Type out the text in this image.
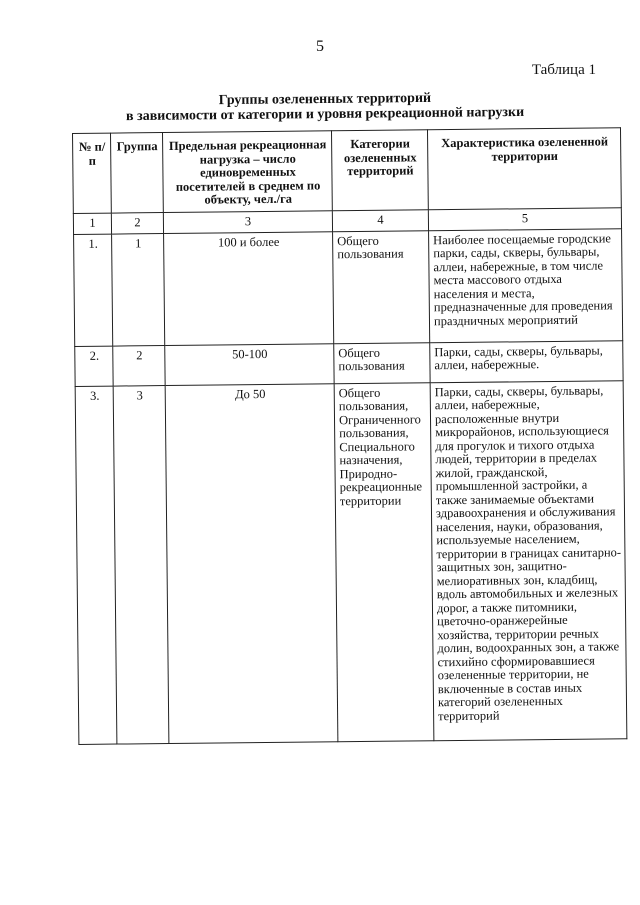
5
Таблица 1
Группы озелененных территорий
в зависимости от категории и уровня рекреационной нагрузки
№ п/п	Группа	Предельная рекреационная нагрузка – число единовременных посетителей в среднем по объекту, чел./га	Категории озелененных территорий	Характеристика озелененной территории
1	2	3	4	5
1.	1	100 и более	Общего пользования	Наиболее посещаемые городские парки, сады, скверы, бульвары, аллеи, набережные, в том числе места массового отдыха населения и места, предназначенные для проведения праздничных мероприятий
2.	2	50-100	Общего пользования	Парки, сады, скверы, бульвары, аллеи, набережные.
3.	3	До 50	Общего пользования, Ограниченного пользования, Специального назначения, Природно-рекреационные территории	Парки, сады, скверы, бульвары, аллеи, набережные, расположенные внутри микрорайонов, использующиеся для прогулок и тихого отдыха людей, территории в пределах жилой, гражданской, промышленной застройки, а также занимаемые объектами здравоохранения и обслуживания населения, науки, образования, используемые населением, территории в границах санитарно-защитных зон, защитно-мелиоративных зон, кладбищ, вдоль автомобильных и железных дорог, а также питомники, цветочно-оранжерейные хозяйства, территории речных долин, водоохранных зон, а также стихийно сформировавшиеся озелененные территории, не включенные в состав иных категорий озелененных территорий
